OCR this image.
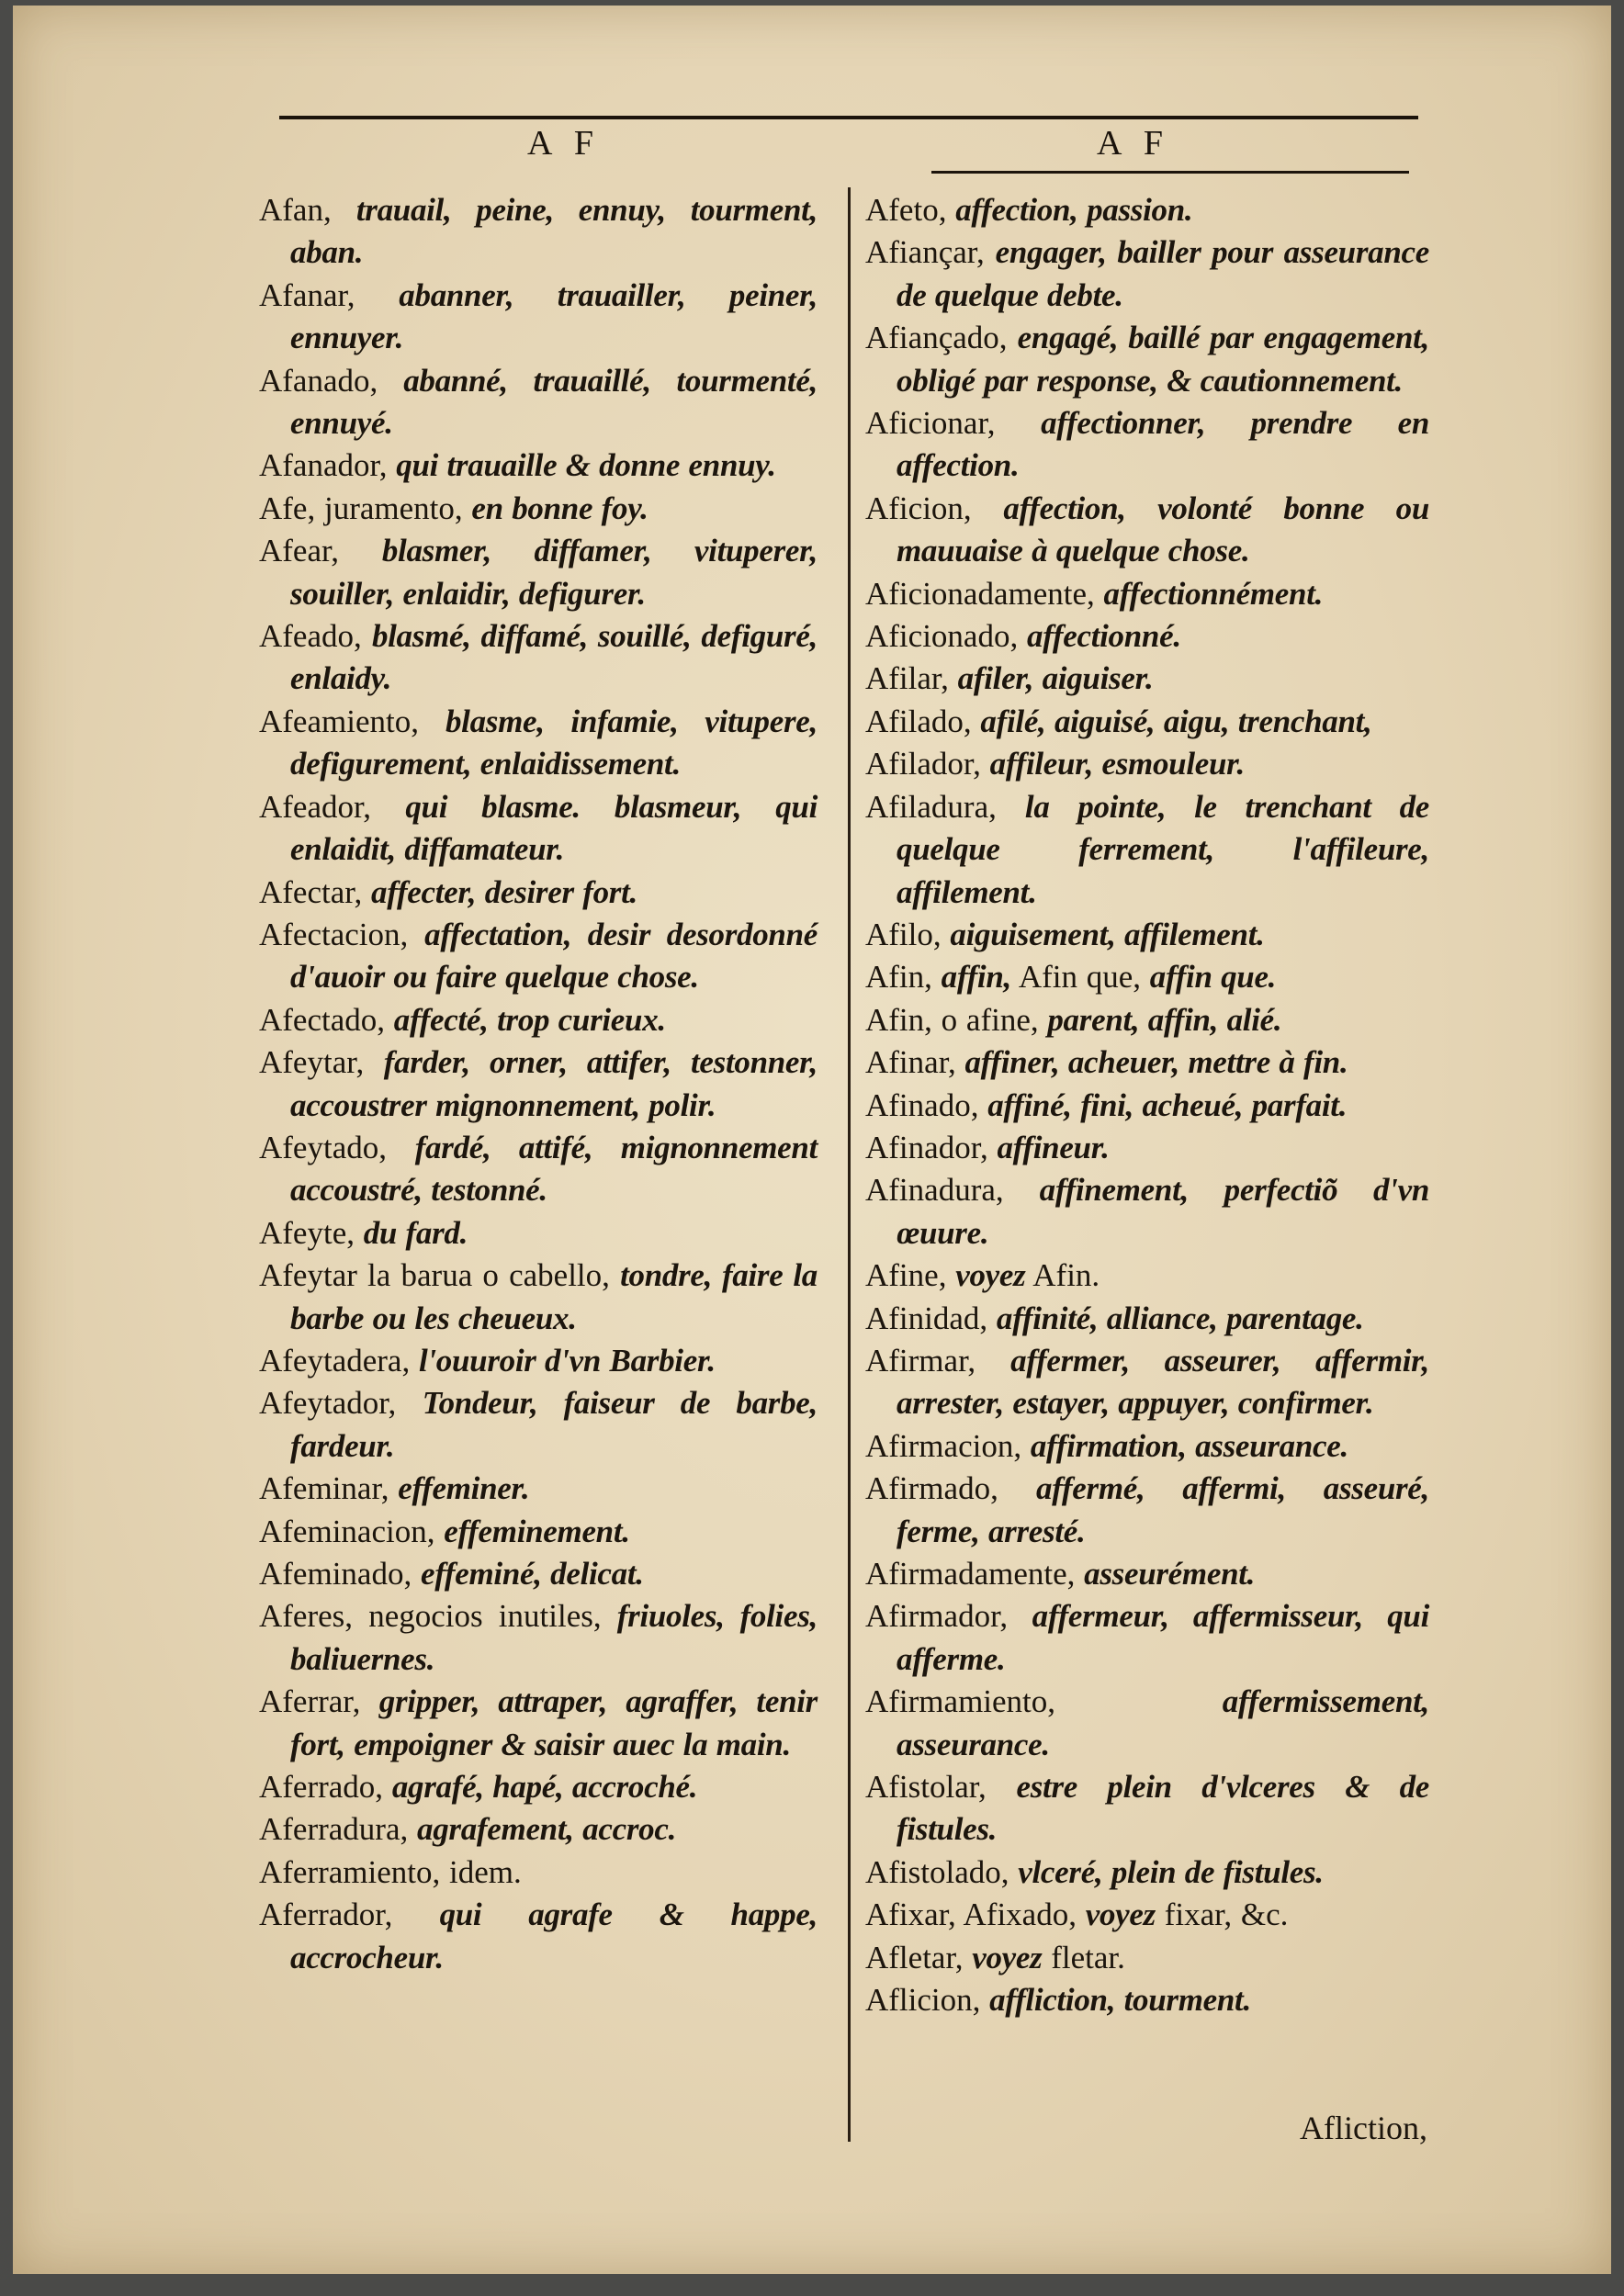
A F	A F

Afan, trauail, peine, ennuy, tourment, aban.

Afanar, abanner, trauailler, peiner, ennuyer.

Afanado, abanné, trauaillé, tourmenté, ennuyé.

Afanador, qui trauaille & donne ennuy.

Afe, juramento, en bonne foy.

Afear, blasmer, diffamer, vituperer, souiller, enlaidir, defigurer.

Afeado, blasmé, diffamé, souillé, defiguré, enlaidy.

Afeamiento, blasme, infamie, vitupere, defigurement, enlaidissement.

Afeador, qui blasme. blasmeur, qui enlaidit, diffamateur.

Afectar, affecter, desirer fort.

Afectacion, affectation, desir desordonné d'auoir ou faire quelque chose.

Afectado, affecté, trop curieux.

Afeytar, farder, orner, attifer, testonner, accoustrer mignonnement, polir.

Afeytado, fardé, attifé, mignonnement accoustré, testonné.

Afeyte, du fard.

Afeytar la barua o cabello, tondre, faire la barbe ou les cheueux.

Afeytadera, l'ouuroir d'vn Barbier.

Afeytador, Tondeur, faiseur de barbe, fardeur.

Afeminar, effeminer.

Afeminacion, effeminement.

Afeminado, effeminé, delicat.

Aferes, negocios inutiles, friuoles, folies, baliuernes.

Aferrar, gripper, attraper, agraffer, tenir fort, empoigner & saisir auec la main.

Aferrado, agrafé, hapé, accroché.

Aferradura, agrafement, accroc.

Aferramiento, idem.

Aferrador, qui agrafe & happe, accrocheur.

Afeto, affection, passion.

Afiançar, engager, bailler pour asseurance de quelque debte.

Afiançado, engagé, baillé par engagement, obligé par response, & cautionnement.

Aficionar, affectionner, prendre en affection.

Aficion, affection, volonté bonne ou mauuaise à quelque chose.

Aficionadamente, affectionnément.

Aficionado, affectionné.

Afilar, afiler, aiguiser.

Afilado, afilé, aiguisé, aigu, trenchant,

Afilador, affileur, esmouleur.

Afiladura, la pointe, le trenchant de quelque ferrement, l'affileure, affilement.

Afilo, aiguisement, affilement.

Afin, affin, Afin que, affin que.

Afin, o afine, parent, affin, alié.

Afinar, affiner, acheuer, mettre à fin.

Afinado, affiné, fini, acheué, parfait.

Afinador, affineur.

Afinadura, affinement, perfectiõ d'vn œuure.

Afine, voyez Afin.

Afinidad, affinité, alliance, parentage.

Afirmar, affermer, asseurer, affermir, arrester, estayer, appuyer, confirmer.

Afirmacion, affirmation, asseurance.

Afirmado, affermé, affermi, asseuré, ferme, arresté.

Afirmadamente, asseurément.

Afirmador, affermeur, affermisseur, qui afferme.

Afirmamiento,	affermissement, asseurance.

Afistolar, estre plein d'vlceres & de fistules.

Afistolado, vlceré, plein de fistules.

Afixar, Afixado, voyez fixar, &c.

Afletar, voyez fletar.

Aflicion, affliction, tourment.

Afliction,
